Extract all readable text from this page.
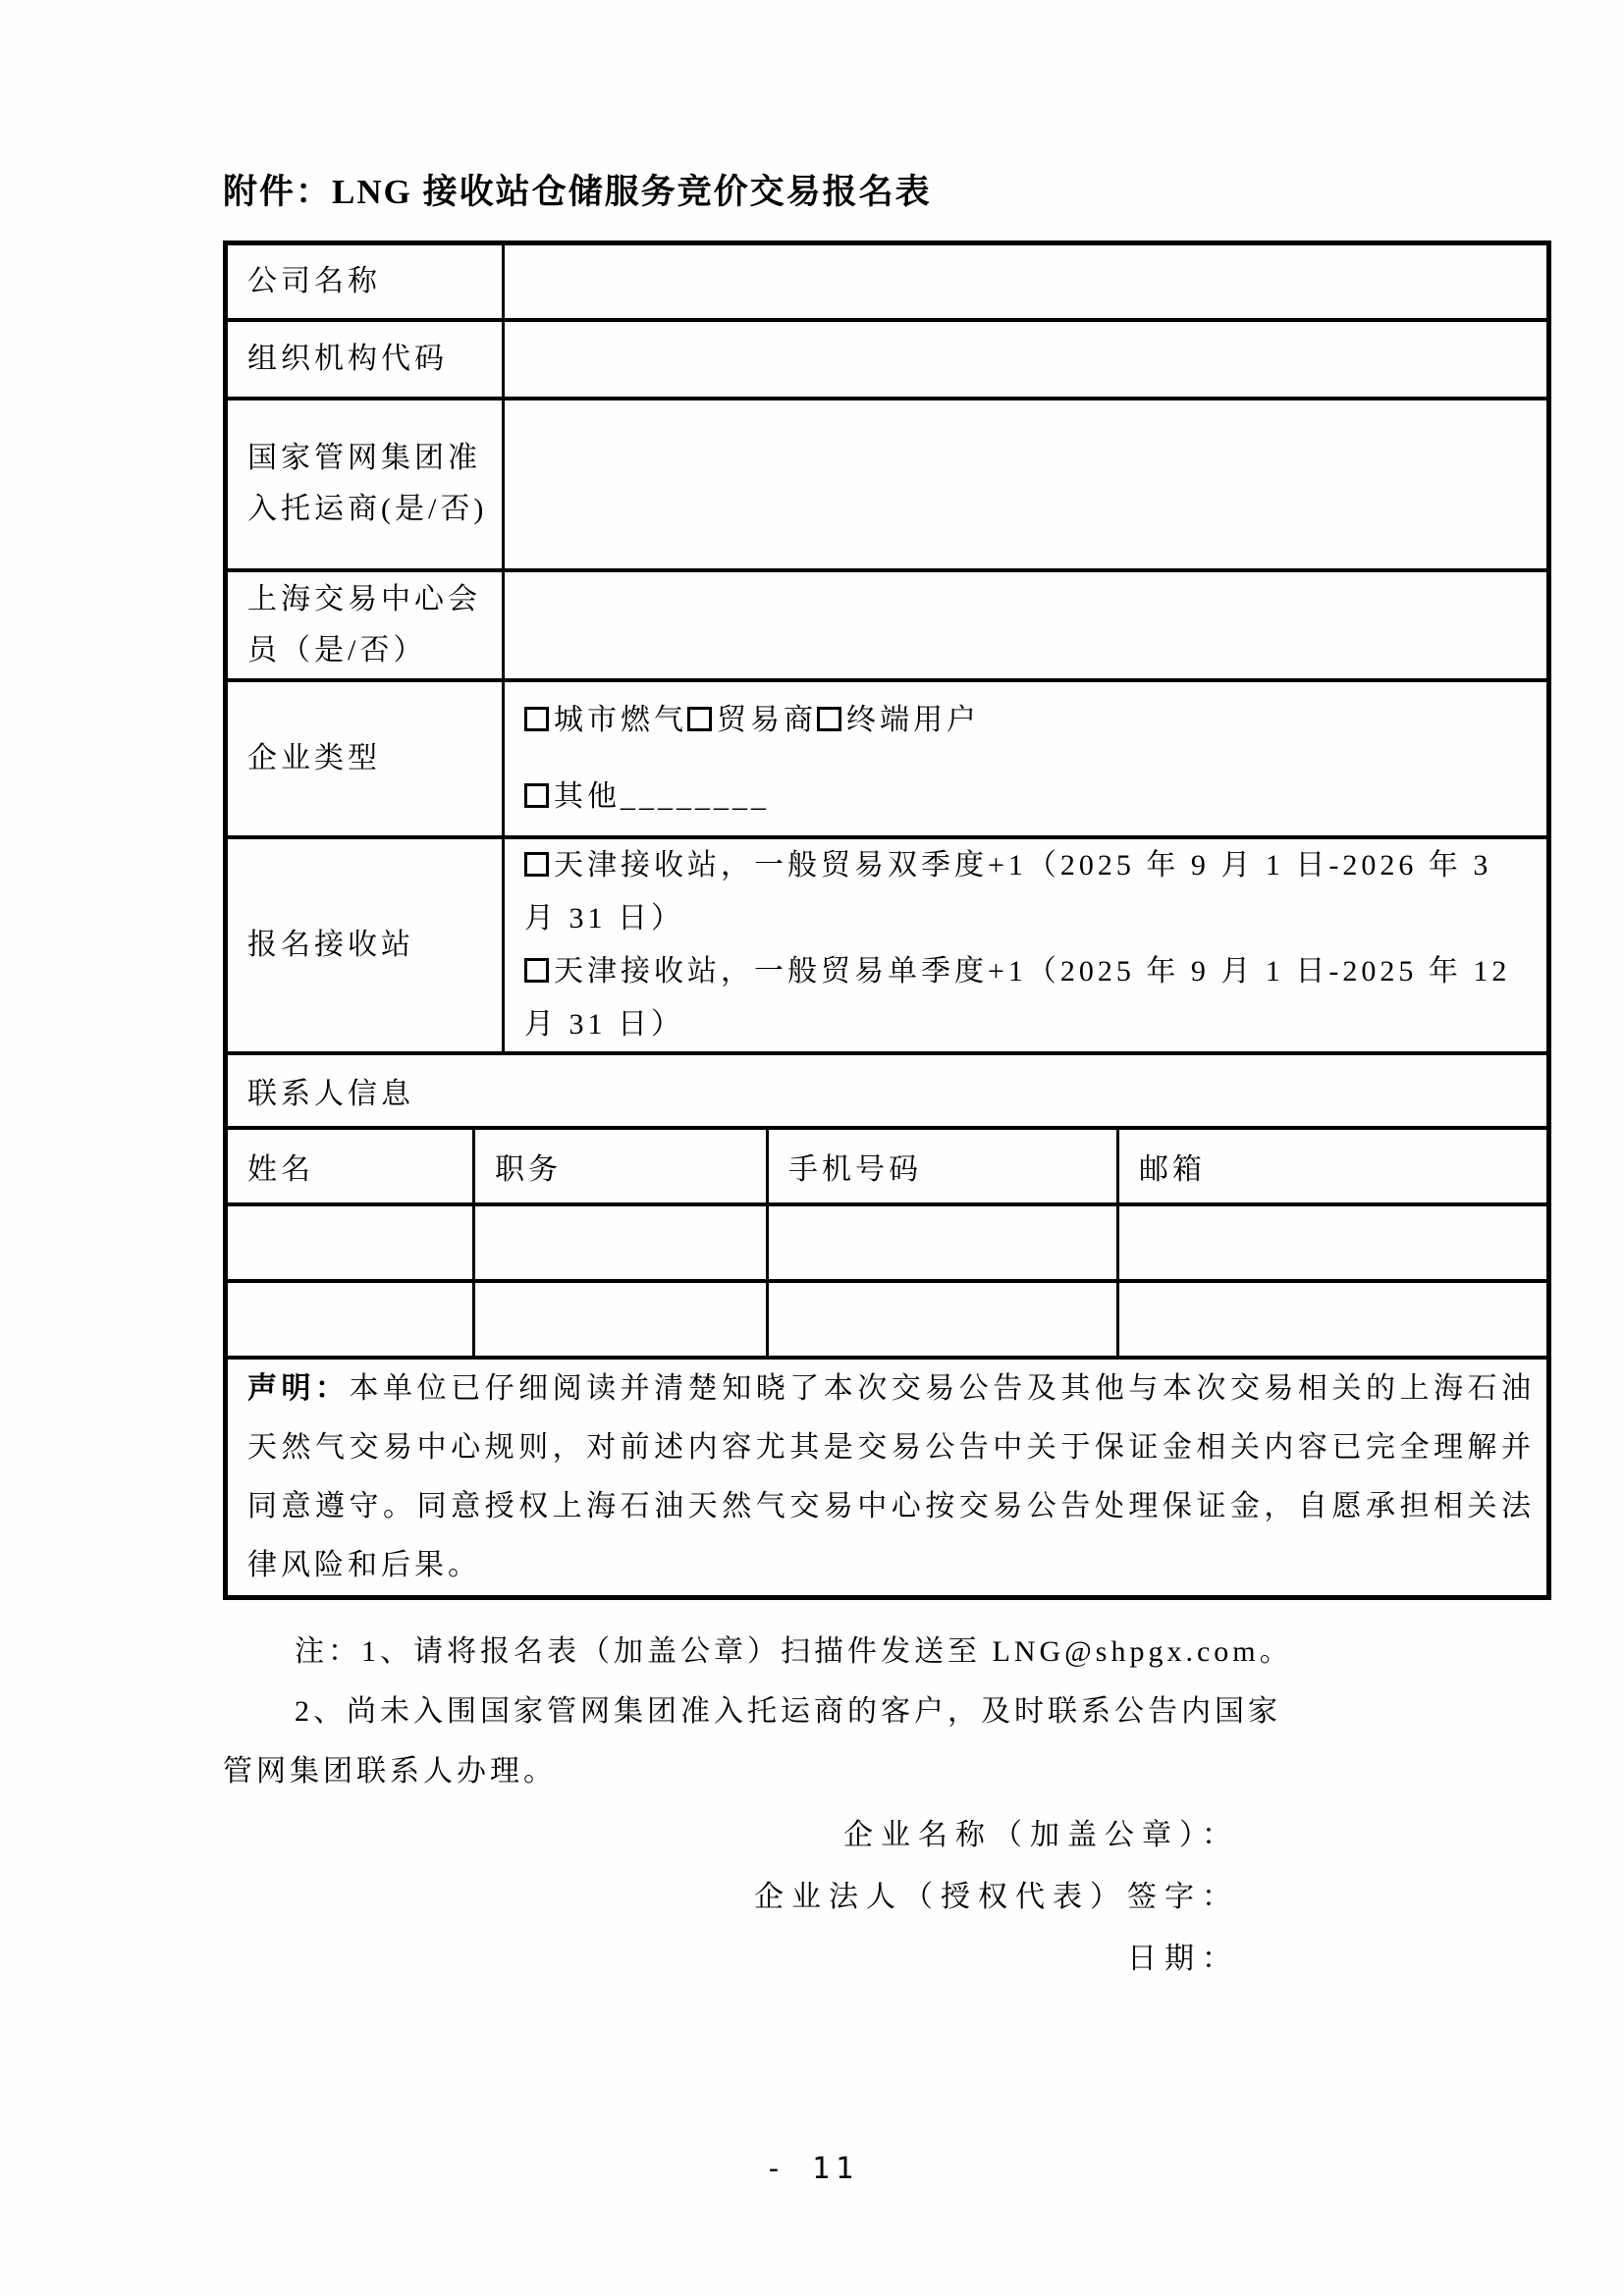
附件：LNG 接收站仓储服务竞价交易报名表
公司名称				
组织机构代码				
国家管网集团准入托运商(是/否)				
上海交易中心会员（是/否）				
企业类型		城市燃气 贸易商 终端用户
其他________		

报名接收站		天津接收站，一般贸易双季度+1（2025 年 9 月 1 日-2026 年 3 月 31 日）
天津接收站，一般贸易单季度+1（2025 年 9 月 1 日-2025 年 12 月 31 日）		

联系人信息				
姓名	职务		手机号码	邮箱

声明：本单位已仔细阅读并清楚知晓了本次交易公告及其他与本次交易相关的上海石油天然气交易中心规则，对前述内容尤其是交易公告中关于保证金相关内容已完全理解并同意遵守。同意授权上海石油天然气交易中心按交易公告处理保证金，自愿承担相关法律风险和后果。				

注：1、请将报名表（加盖公章）扫描件发送至 LNG@shpgx.com。

2、尚未入围国家管网集团准入托运商的客户，及时联系公告内国家

管网集团联系人办理。

企业名称（加盖公章）：
企业法人（授权代表）签字：
日期：
- 11
